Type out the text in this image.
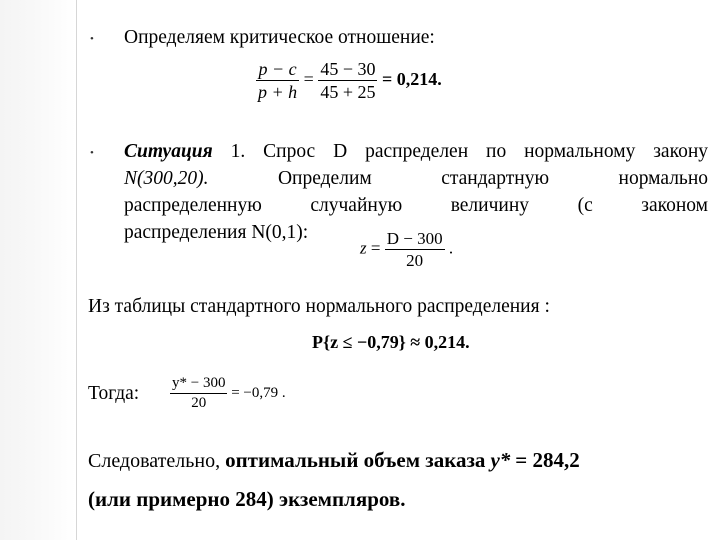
• Определяем критическое отношение:
$\frac{p - c}{p + h} = \frac{45 - 30}{45 + 25} = 0,214$.
• Ситуация 1. Спрос D распределен по нормальному закону
N(300,20).	Определим	стандартную	нормально
распределенную случайную величину (с законом
распределения N(0,1):
$z = \frac{D - 300}{20}$ .
Из таблицы стандартного нормального распределения :
P{z ≤ −0,79} ≈ 0,214.
Тогда: $\frac{y* - 300}{20} = -0,79$ .
Следовательно, оптимальный объем заказа y* = 284,2
(или примерно 284) экземпляров.
